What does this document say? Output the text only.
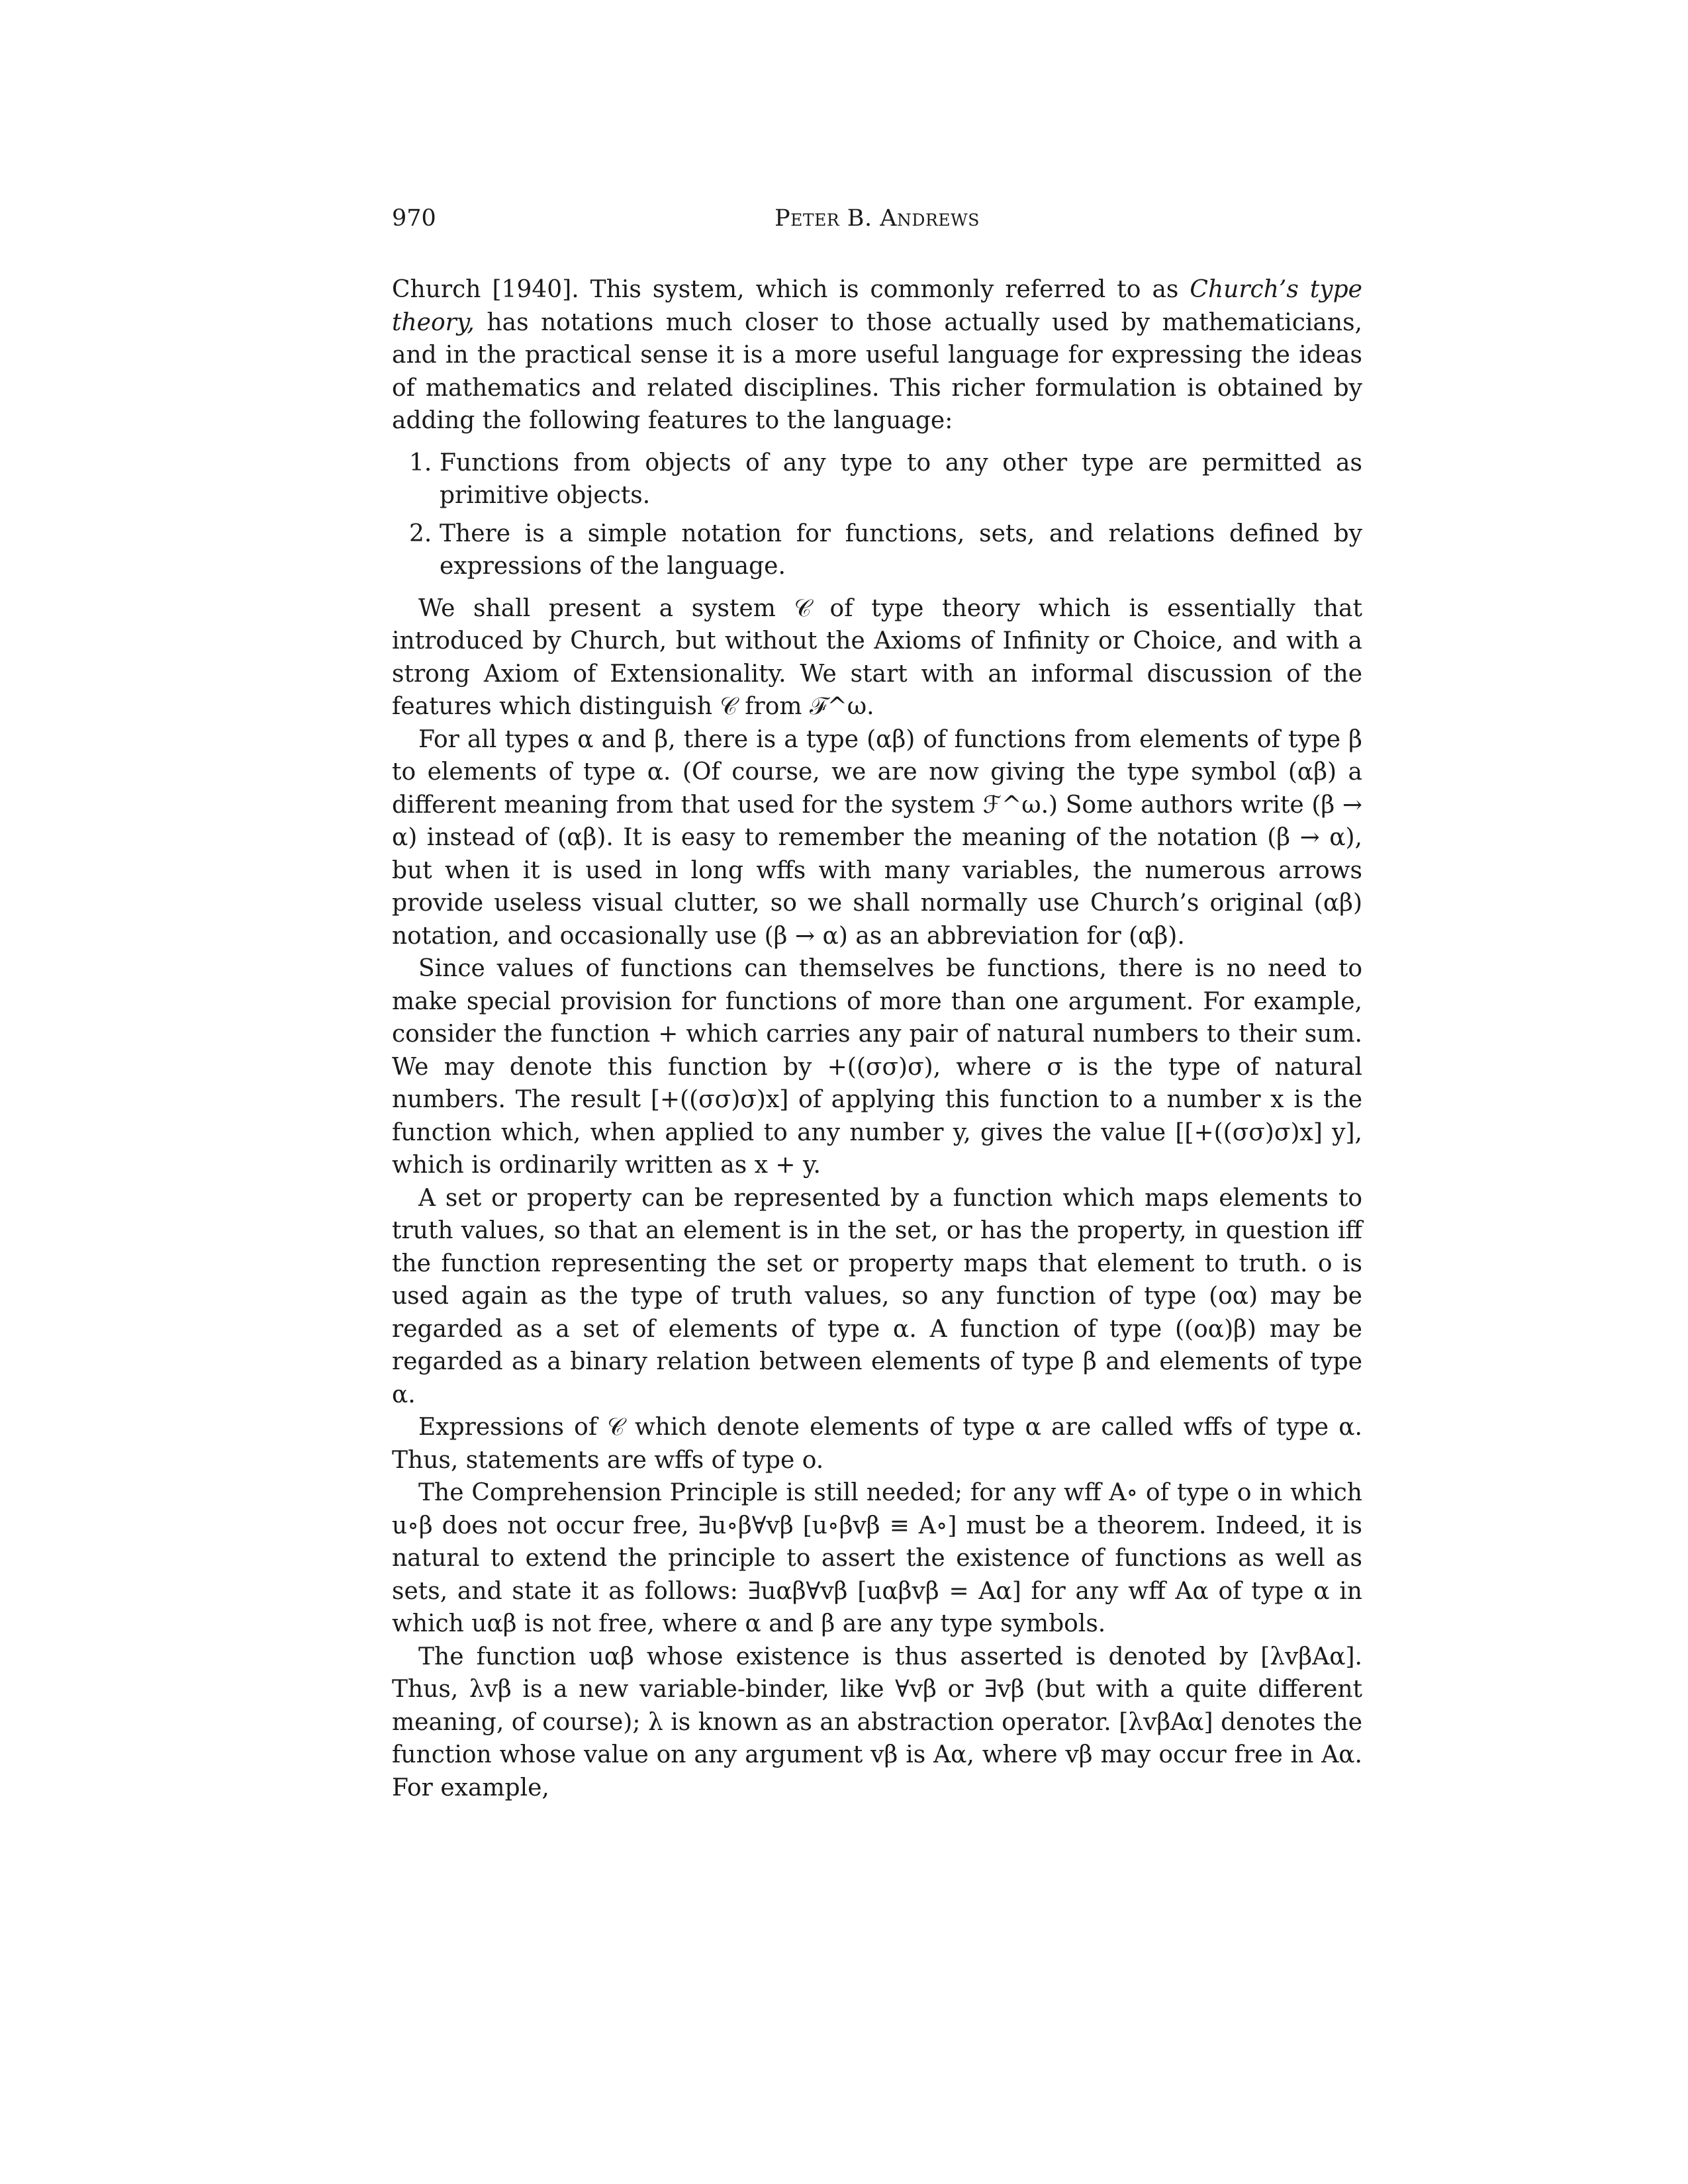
970	Peter B. Andrews

Church [1940]. This system, which is commonly referred to as Church’s type theory, has notations much closer to those actually used by mathematicians, and in the practical sense it is a more useful language for expressing the ideas of mathematics and related disciplines. This richer formulation is obtained by adding the following features to the language:

1. Functions from objects of any type to any other type are permitted as primitive objects.
2. There is a simple notation for functions, sets, and relations defined by expressions of the language.

We shall present a system 𝒞 of type theory which is essentially that introduced by Church, but without the Axioms of Infinity or Choice, and with a strong Axiom of Extensionality. We start with an informal discussion of the features which distinguish 𝒞 from ℱ^ω.

For all types α and β, there is a type (αβ) of functions from elements of type β to elements of type α. (Of course, we are now giving the type symbol (αβ) a different meaning from that used for the system ℱ^ω.) Some authors write (β → α) instead of (αβ). It is easy to remember the meaning of the notation (β → α), but when it is used in long wffs with many variables, the numerous arrows provide useless visual clutter, so we shall normally use Church’s original (αβ) notation, and occasionally use (β → α) as an abbreviation for (αβ).

Since values of functions can themselves be functions, there is no need to make special provision for functions of more than one argument. For example, consider the function + which carries any pair of natural numbers to their sum. We may denote this function by +((σσ)σ), where σ is the type of natural numbers. The result [+((σσ)σ)x] of applying this function to a number x is the function which, when applied to any number y, gives the value [[+((σσ)σ)x] y], which is ordinarily written as x + y.

A set or property can be represented by a function which maps elements to truth values, so that an element is in the set, or has the property, in question iff the function representing the set or property maps that element to truth. o is used again as the type of truth values, so any function of type (oα) may be regarded as a set of elements of type α. A function of type ((oα)β) may be regarded as a binary relation between elements of type β and elements of type α.

Expressions of 𝒞 which denote elements of type α are called wffs of type α. Thus, statements are wffs of type o.

The Comprehension Principle is still needed; for any wff A∘ of type o in which u∘β does not occur free, ∃u∘β∀vβ [u∘βvβ ≡ A∘] must be a theorem. Indeed, it is natural to extend the principle to assert the existence of functions as well as sets, and state it as follows: ∃uαβ∀vβ [uαβvβ = Aα] for any wff Aα of type α in which uαβ is not free, where α and β are any type symbols.

The function uαβ whose existence is thus asserted is denoted by [λvβAα]. Thus, λvβ is a new variable-binder, like ∀vβ or ∃vβ (but with a quite different meaning, of course); λ is known as an abstraction operator. [λvβAα] denotes the function whose value on any argument vβ is Aα, where vβ may occur free in Aα. For example,
